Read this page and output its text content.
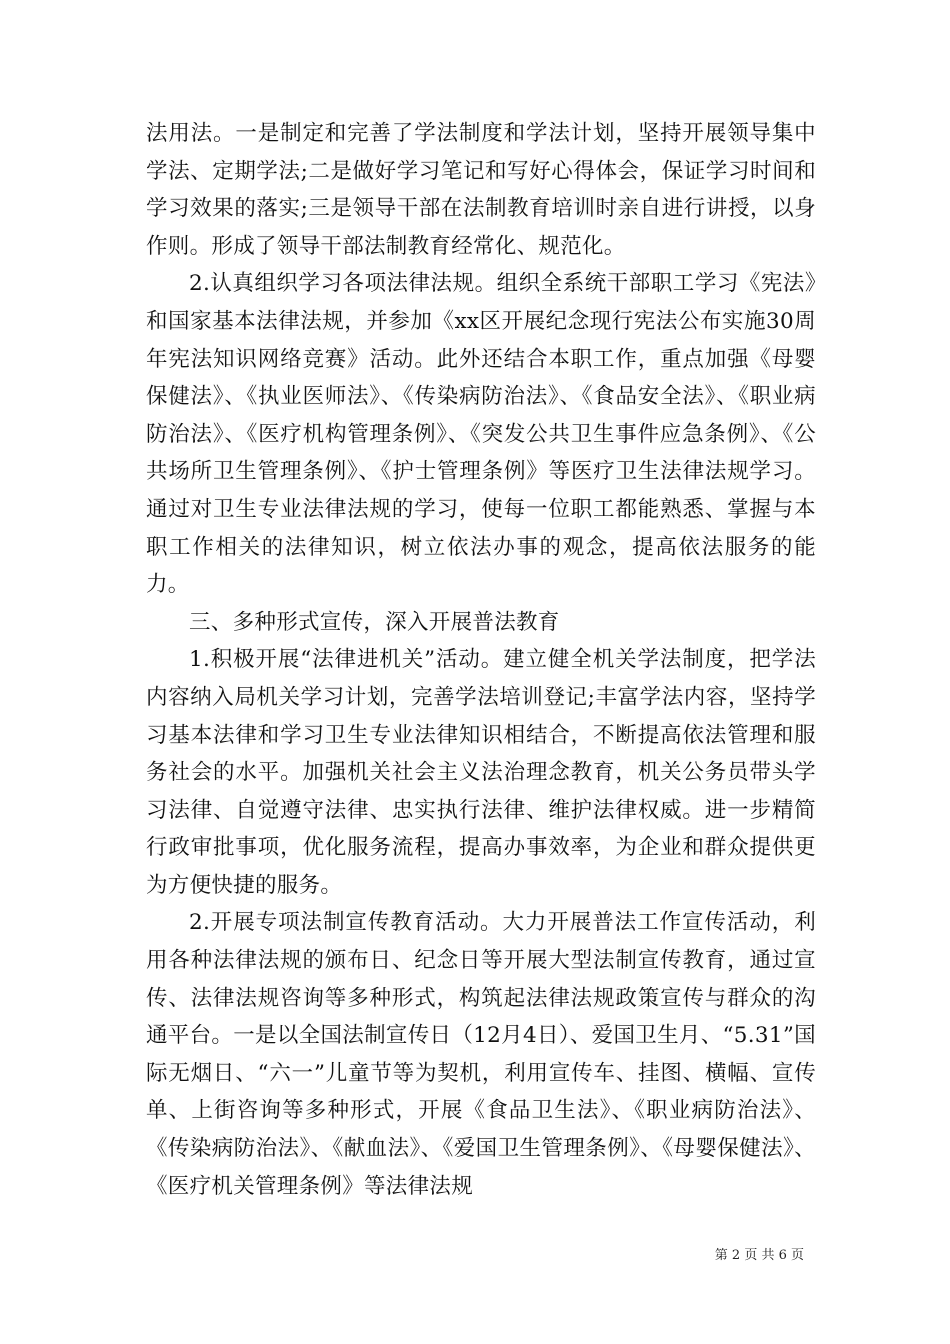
法用法。一是制定和完善了学法制度和学法计划，坚持开展领导集中学法、定期学法;二是做好学习笔记和写好心得体会，保证学习时间和学习效果的落实;三是领导干部在法制教育培训时亲自进行讲授，以身作则。形成了领导干部法制教育经常化、规范化。

2.认真组织学习各项法律法规。组织全系统干部职工学习《宪法》和国家基本法律法规，并参加《xx区开展纪念现行宪法公布实施30周年宪法知识网络竞赛》活动。此外还结合本职工作，重点加强《母婴保健法》、《执业医师法》、《传染病防治法》、《食品安全法》、《职业病防治法》、《医疗机构管理条例》、《突发公共卫生事件应急条例》、《公共场所卫生管理条例》、《护士管理条例》等医疗卫生法律法规学习。通过对卫生专业法律法规的学习，使每一位职工都能熟悉、掌握与本职工作相关的法律知识，树立依法办事的观念，提高依法服务的能力。

三、多种形式宣传，深入开展普法教育

1.积极开展“法律进机关”活动。建立健全机关学法制度，把学法内容纳入局机关学习计划，完善学法培训登记;丰富学法内容，坚持学习基本法律和学习卫生专业法律知识相结合，不断提高依法管理和服务社会的水平。加强机关社会主义法治理念教育，机关公务员带头学习法律、自觉遵守法律、忠实执行法律、维护法律权威。进一步精简行政审批事项，优化服务流程，提高办事效率，为企业和群众提供更为方便快捷的服务。

2.开展专项法制宣传教育活动。大力开展普法工作宣传活动，利用各种法律法规的颁布日、纪念日等开展大型法制宣传教育，通过宣传、法律法规咨询等多种形式，构筑起法律法规政策宣传与群众的沟通平台。一是以全国法制宣传日（12月4日）、爱国卫生月、“5.31”国际无烟日、“六一”儿童节等为契机，利用宣传车、挂图、横幅、宣传单、上街咨询等多种形式，开展《食品卫生法》、《职业病防治法》、《传染病防治法》、《献血法》、《爱国卫生管理条例》、《母婴保健法》、《医疗机关管理条例》等法律法规

第 2 页 共 6 页
